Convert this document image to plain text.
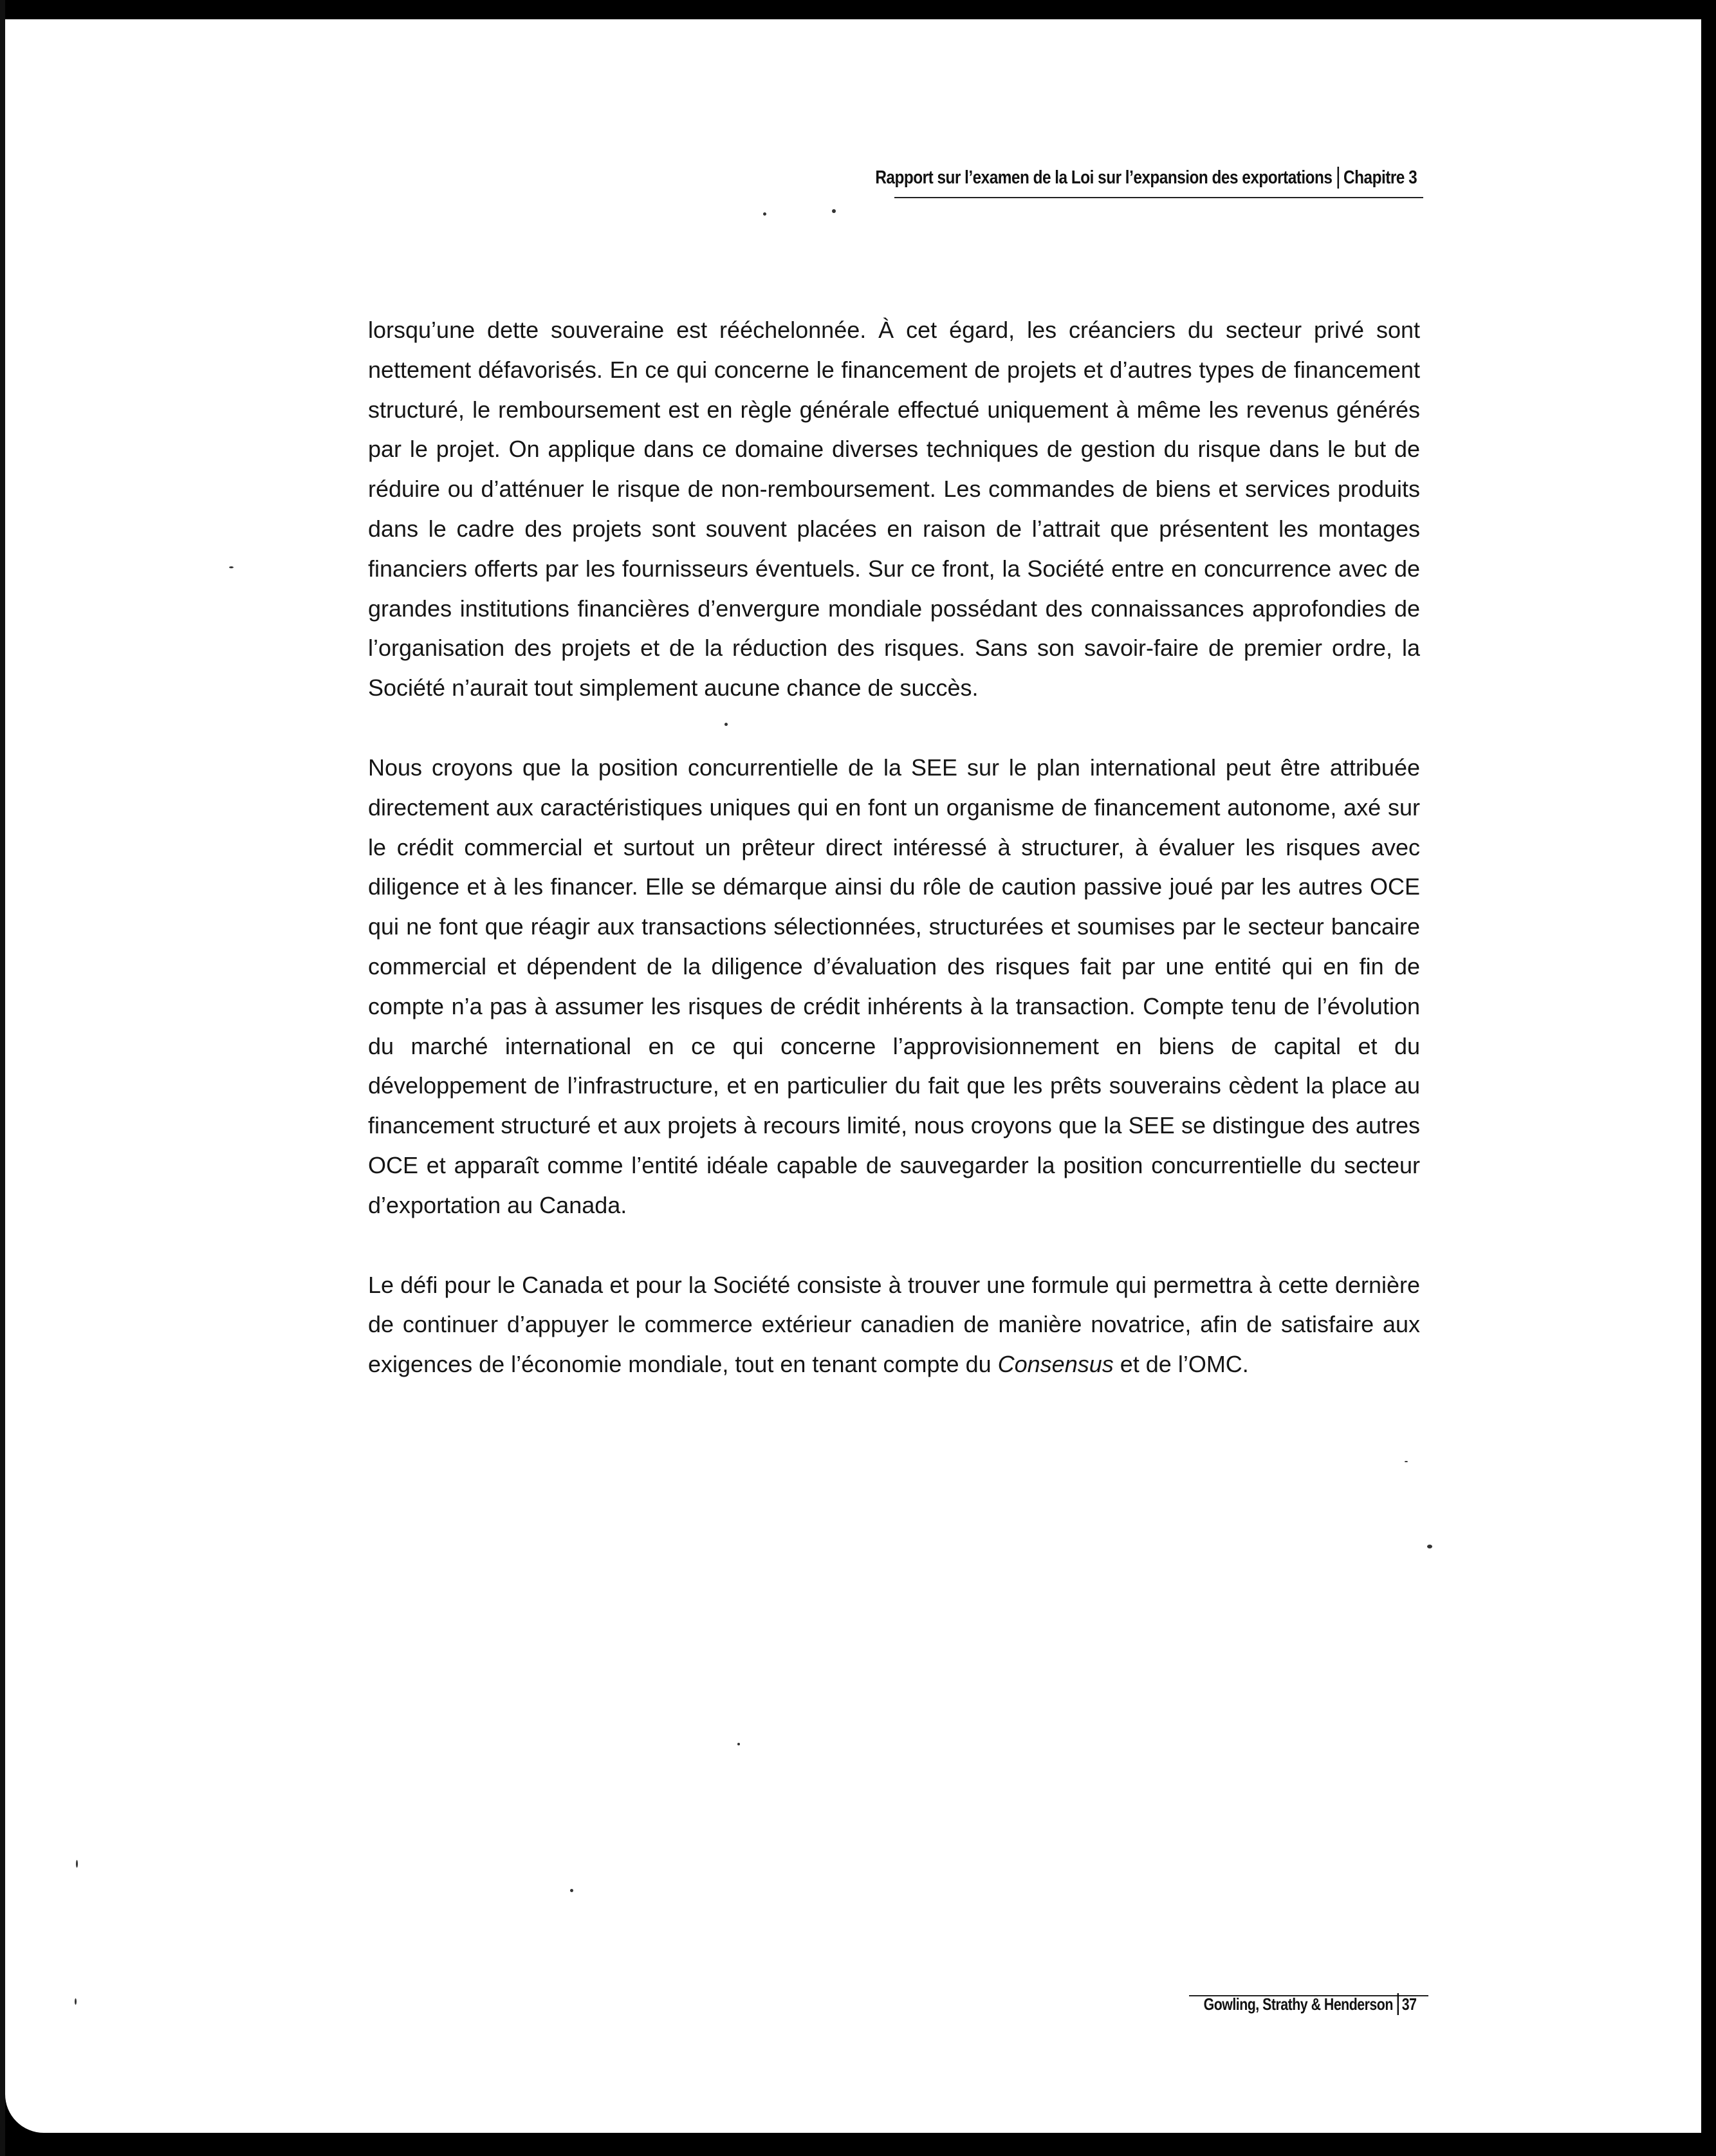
Rapport sur l’examen de la Loi sur l’expansion des exportations Chapitre 3

lorsqu’une dette souveraine est rééchelonnée. À cet égard, les créanciers du secteur privé sont nettement défavorisés. En ce qui concerne le financement de projets et d’autres types de financement structuré, le remboursement est en règle générale effectué uniquement à même les revenus générés par le projet. On applique dans ce domaine diverses techniques de gestion du risque dans le but de réduire ou d’atténuer le risque de non-remboursement. Les commandes de biens et services produits dans le cadre des projets sont souvent placées en raison de l’attrait que présentent les montages financiers offerts par les fournisseurs éventuels. Sur ce front, la Société entre en concurrence avec de grandes institutions financières d’envergure mondiale possédant des connaissances approfondies de l’organisation des projets et de la réduction des risques. Sans son savoir-faire de premier ordre, la Société n’aurait tout simplement aucune chance de succès.

Nous croyons que la position concurrentielle de la SEE sur le plan international peut être attribuée directement aux caractéristiques uniques qui en font un organisme de financement autonome, axé sur le crédit commercial et surtout un prêteur direct intéressé à structurer, à évaluer les risques avec diligence et à les financer. Elle se démarque ainsi du rôle de caution passive joué par les autres OCE qui ne font que réagir aux transactions sélectionnées, structurées et soumises par le secteur bancaire commercial et dépendent de la diligence d’évaluation des risques fait par une entité qui en fin de compte n’a pas à assumer les risques de crédit inhérents à la transaction. Compte tenu de l’évolution du marché international en ce qui concerne l’approvisionnement en biens de capital et du développement de l’infrastructure, et en particulier du fait que les prêts souverains cèdent la place au financement structuré et aux projets à recours limité, nous croyons que la SEE se distingue des autres OCE et apparaît comme l’entité idéale capable de sauvegarder la position concurrentielle du secteur d’exportation au Canada.

Le défi pour le Canada et pour la Société consiste à trouver une formule qui permettra à cette dernière de continuer d’appuyer le commerce extérieur canadien de manière novatrice, afin de satisfaire aux exigences de l’économie mondiale, tout en tenant compte du Consensus et de l’OMC.

Gowling, Strathy & Henderson 37
